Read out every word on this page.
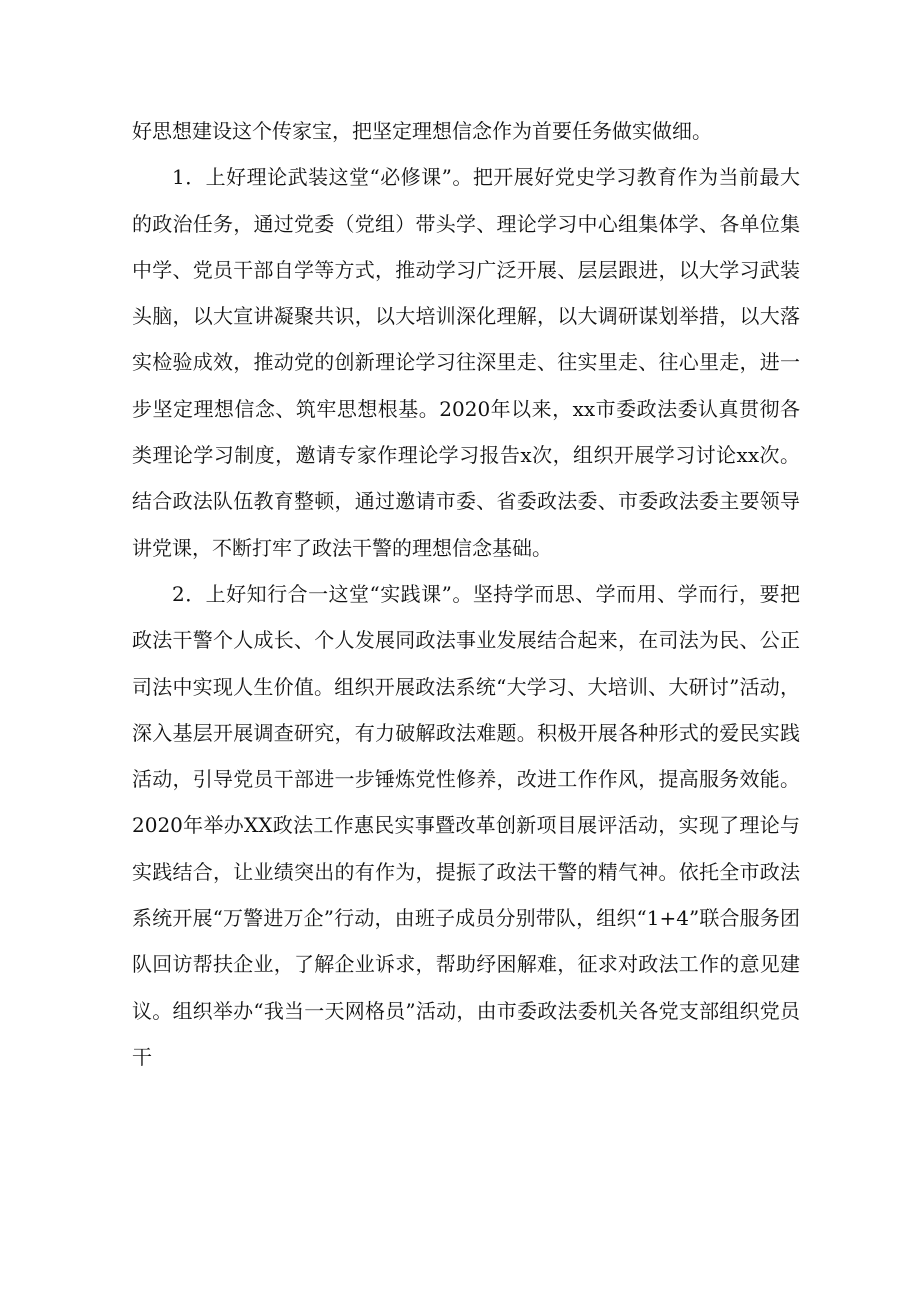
好思想建设这个传家宝，把坚定理想信念作为首要任务做实做细。

1．上好理论武装这堂“必修课”。把开展好党史学习教育作为当前最大的政治任务，通过党委（党组）带头学、理论学习中心组集体学、各单位集中学、党员干部自学等方式，推动学习广泛开展、层层跟进，以大学习武装头脑，以大宣讲凝聚共识，以大培训深化理解，以大调研谋划举措，以大落实检验成效，推动党的创新理论学习往深里走、往实里走、往心里走，进一步坚定理想信念、筑牢思想根基。2020年以来，xx市委政法委认真贯彻各类理论学习制度，邀请专家作理论学习报告x次，组织开展学习讨论xx次。结合政法队伍教育整顿，通过邀请市委、省委政法委、市委政法委主要领导讲党课，不断打牢了政法干警的理想信念基础。

2．上好知行合一这堂“实践课”。坚持学而思、学而用、学而行，要把政法干警个人成长、个人发展同政法事业发展结合起来，在司法为民、公正司法中实现人生价值。组织开展政法系统“大学习、大培训、大研讨”活动，深入基层开展调查研究，有力破解政法难题。积极开展各种形式的爱民实践活动，引导党员干部进一步锤炼党性修养，改进工作作风，提高服务效能。2020年举办XX政法工作惠民实事暨改革创新项目展评活动，实现了理论与实践结合，让业绩突出的有作为，提振了政法干警的精气神。依托全市政法系统开展“万警进万企”行动，由班子成员分别带队，组织“1+4”联合服务团队回访帮扶企业，了解企业诉求，帮助纾困解难，征求对政法工作的意见建议。组织举办“我当一天网格员”活动，由市委政法委机关各党支部组织党员干
